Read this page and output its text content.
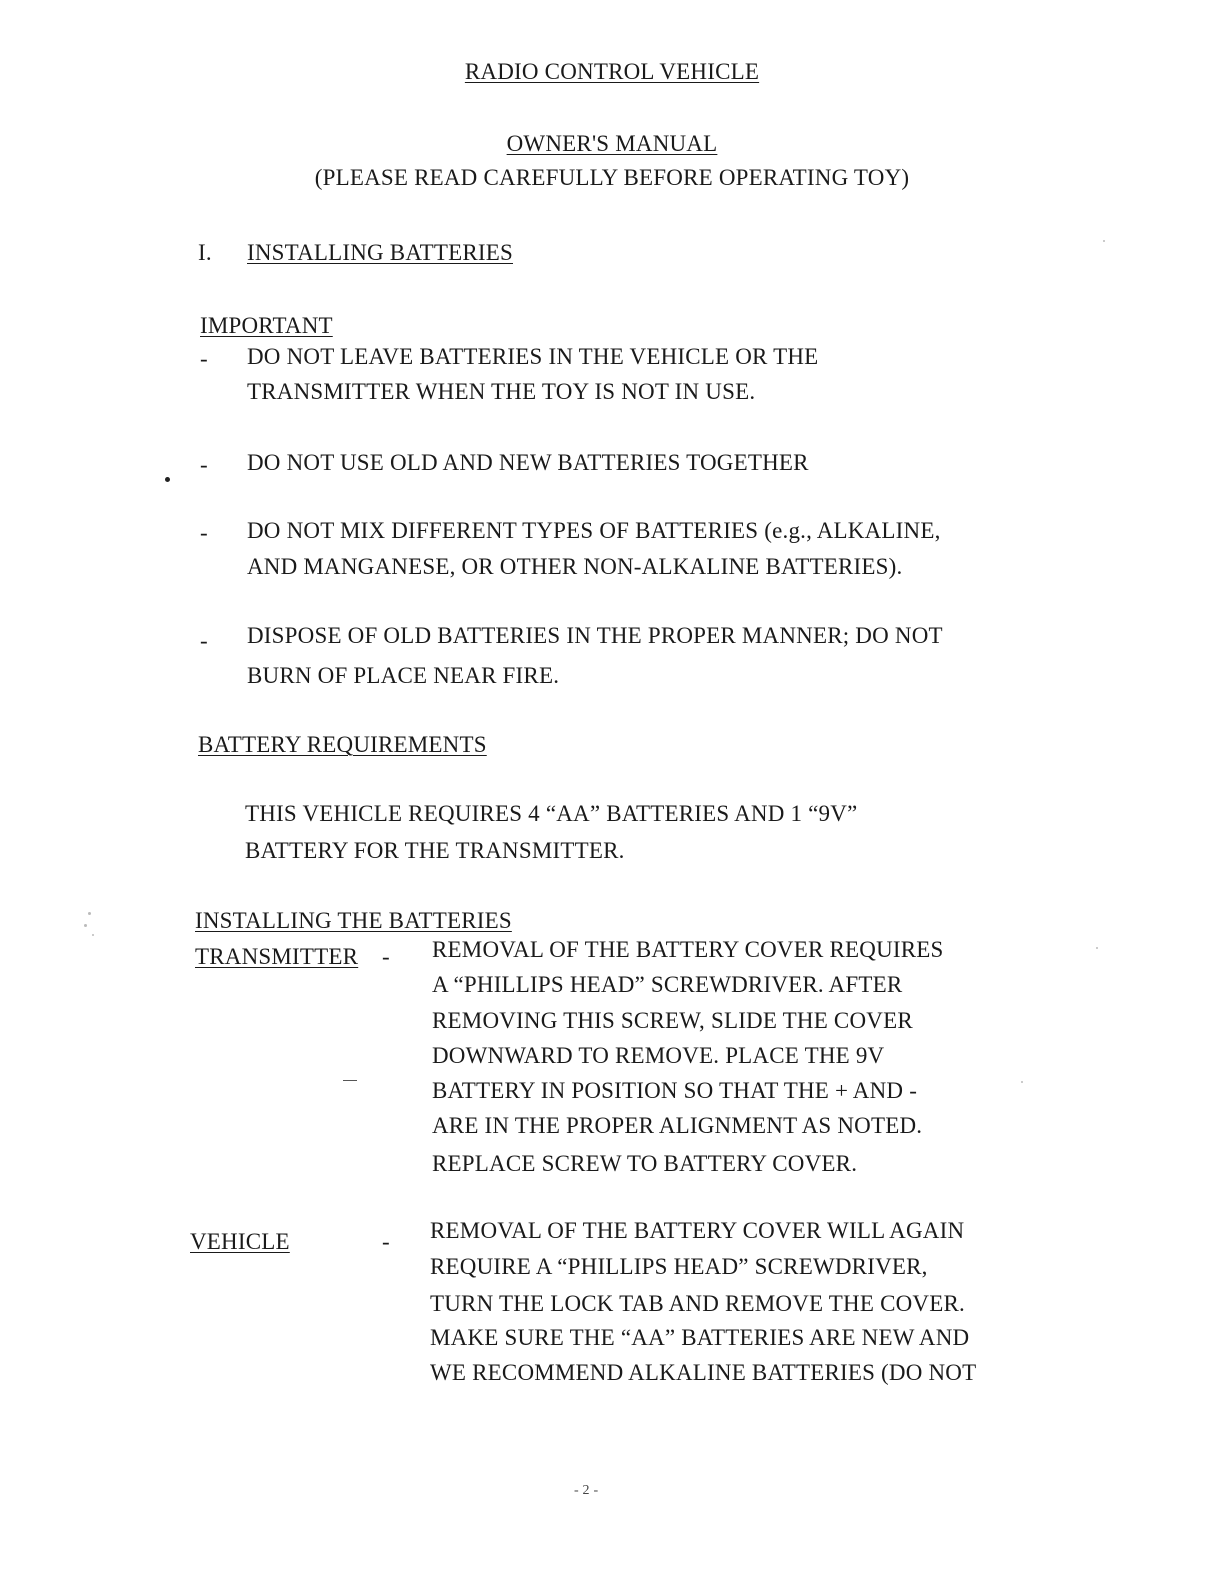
RADIO CONTROL VEHICLE
OWNER'S MANUAL
(PLEASE READ CAREFULLY BEFORE OPERATING TOY)
I. INSTALLING BATTERIES
IMPORTANT
- DO NOT LEAVE BATTERIES IN THE VEHICLE OR THE
TRANSMITTER WHEN THE TOY IS NOT IN USE.
- DO NOT USE OLD AND NEW BATTERIES TOGETHER
- DO NOT MIX DIFFERENT TYPES OF BATTERIES (e.g., ALKALINE,
AND MANGANESE, OR OTHER NON-ALKALINE BATTERIES).
- DISPOSE OF OLD BATTERIES IN THE PROPER MANNER; DO NOT
BURN OF PLACE NEAR FIRE.
BATTERY REQUIREMENTS
THIS VEHICLE REQUIRES 4 “AA” BATTERIES AND 1 “9V”
BATTERY FOR THE TRANSMITTER.
INSTALLING THE BATTERIES
TRANSMITTER - REMOVAL OF THE BATTERY COVER REQUIRES
A “PHILLIPS HEAD” SCREWDRIVER. AFTER
REMOVING THIS SCREW, SLIDE THE COVER
DOWNWARD TO REMOVE. PLACE THE 9V
BATTERY IN POSITION SO THAT THE + AND -
ARE IN THE PROPER ALIGNMENT AS NOTED.
REPLACE SCREW TO BATTERY COVER.
VEHICLE	- REMOVAL OF THE BATTERY COVER WILL AGAIN
REQUIRE A “PHILLIPS HEAD” SCREWDRIVER,
TURN THE LOCK TAB AND REMOVE THE COVER.
MAKE SURE THE “AA” BATTERIES ARE NEW AND
WE RECOMMEND ALKALINE BATTERIES (DO NOT
- 2 -
